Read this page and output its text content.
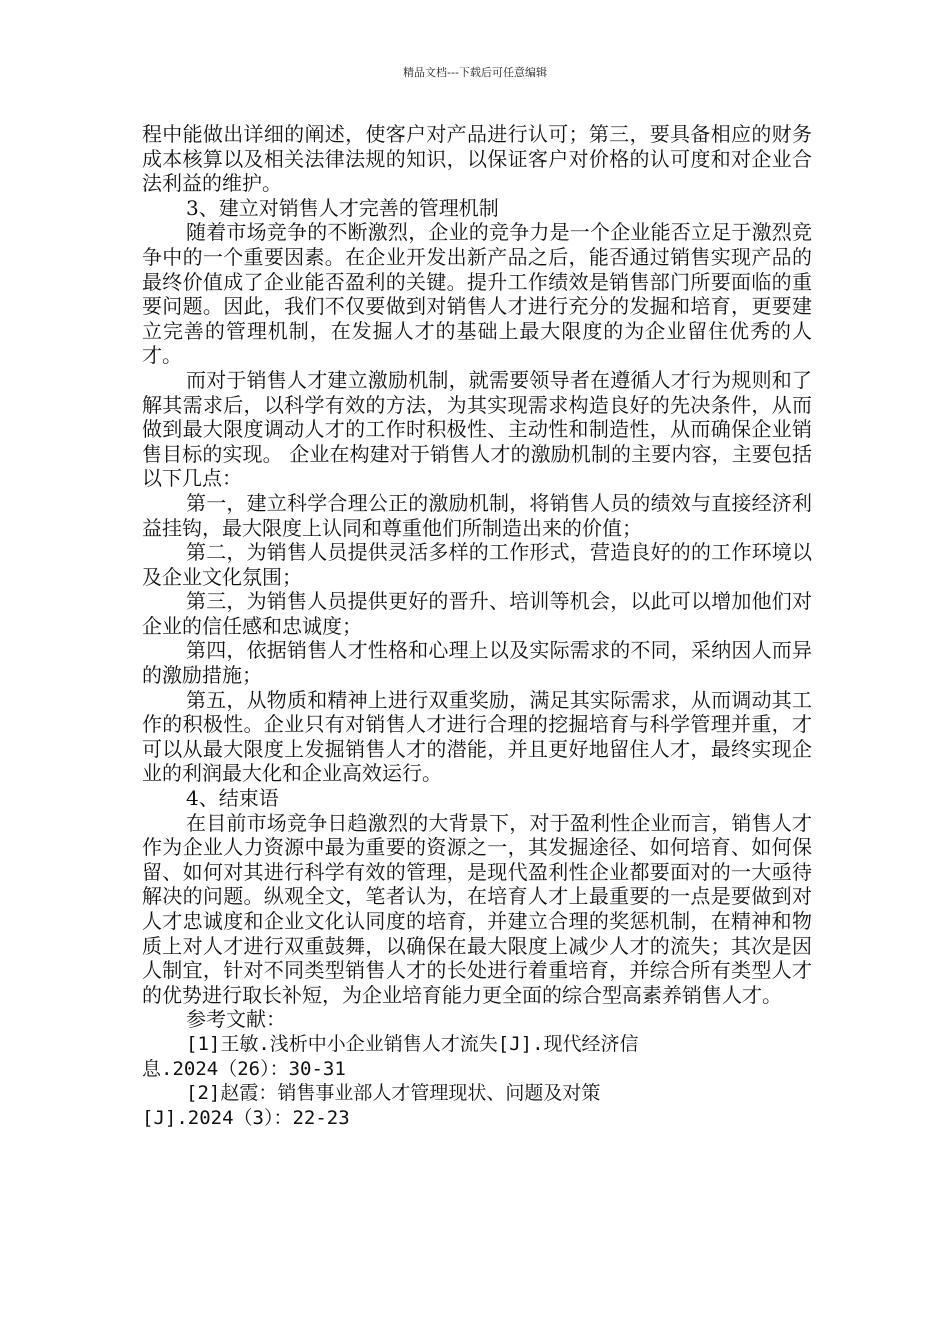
精品文档---下载后可任意编辑

程中能做出详细的阐述，使客户对产品进行认可；第三，要具备相应的财务成本核算以及相关法律法规的知识，以保证客户对价格的认可度和对企业合法利益的维护。

3、建立对销售人才完善的管理机制

随着市场竞争的不断激烈，企业的竞争力是一个企业能否立足于激烈竞争中的一个重要因素。在企业开发出新产品之后，能否通过销售实现产品的最终价值成了企业能否盈利的关键。提升工作绩效是销售部门所要面临的重要问题。因此，我们不仅要做到对销售人才进行充分的发掘和培育，更要建立完善的管理机制，在发掘人才的基础上最大限度的为企业留住优秀的人才。

而对于销售人才建立激励机制，就需要领导者在遵循人才行为规则和了解其需求后，以科学有效的方法，为其实现需求构造良好的先决条件，从而做到最大限度调动人才的工作时积极性、主动性和制造性，从而确保企业销售目标的实现。 企业在构建对于销售人才的激励机制的主要内容，主要包括以下几点：

第一，建立科学合理公正的激励机制，将销售人员的绩效与直接经济利益挂钩，最大限度上认同和尊重他们所制造出来的价值；

第二，为销售人员提供灵活多样的工作形式，营造良好的的工作环境以及企业文化氛围；

第三，为销售人员提供更好的晋升、培训等机会，以此可以增加他们对企业的信任感和忠诚度；

第四，依据销售人才性格和心理上以及实际需求的不同，采纳因人而异的激励措施；

第五，从物质和精神上进行双重奖励，满足其实际需求，从而调动其工作的积极性。企业只有对销售人才进行合理的挖掘培育与科学管理并重，才可以从最大限度上发掘销售人才的潜能，并且更好地留住人才，最终实现企业的利润最大化和企业高效运行。

4、结束语

在目前市场竞争日趋激烈的大背景下，对于盈利性企业而言，销售人才作为企业人力资源中最为重要的资源之一，其发掘途径、如何培育、如何保留、如何对其进行科学有效的管理，是现代盈利性企业都要面对的一大亟待解决的问题。纵观全文，笔者认为，在培育人才上最重要的一点是要做到对人才忠诚度和企业文化认同度的培育，并建立合理的奖惩机制，在精神和物质上对人才进行双重鼓舞，以确保在最大限度上减少人才的流失；其次是因人制宜，针对不同类型销售人才的长处进行着重培育，并综合所有类型人才的优势进行取长补短，为企业培育能力更全面的综合型高素养销售人才。

参考文献：

[1]王敏.浅析中小企业销售人才流失[J].现代经济信

息.2024（26）：30-31

[2]赵霞：销售事业部人才管理现状、问题及对策

[J].2024（3）：22-23
